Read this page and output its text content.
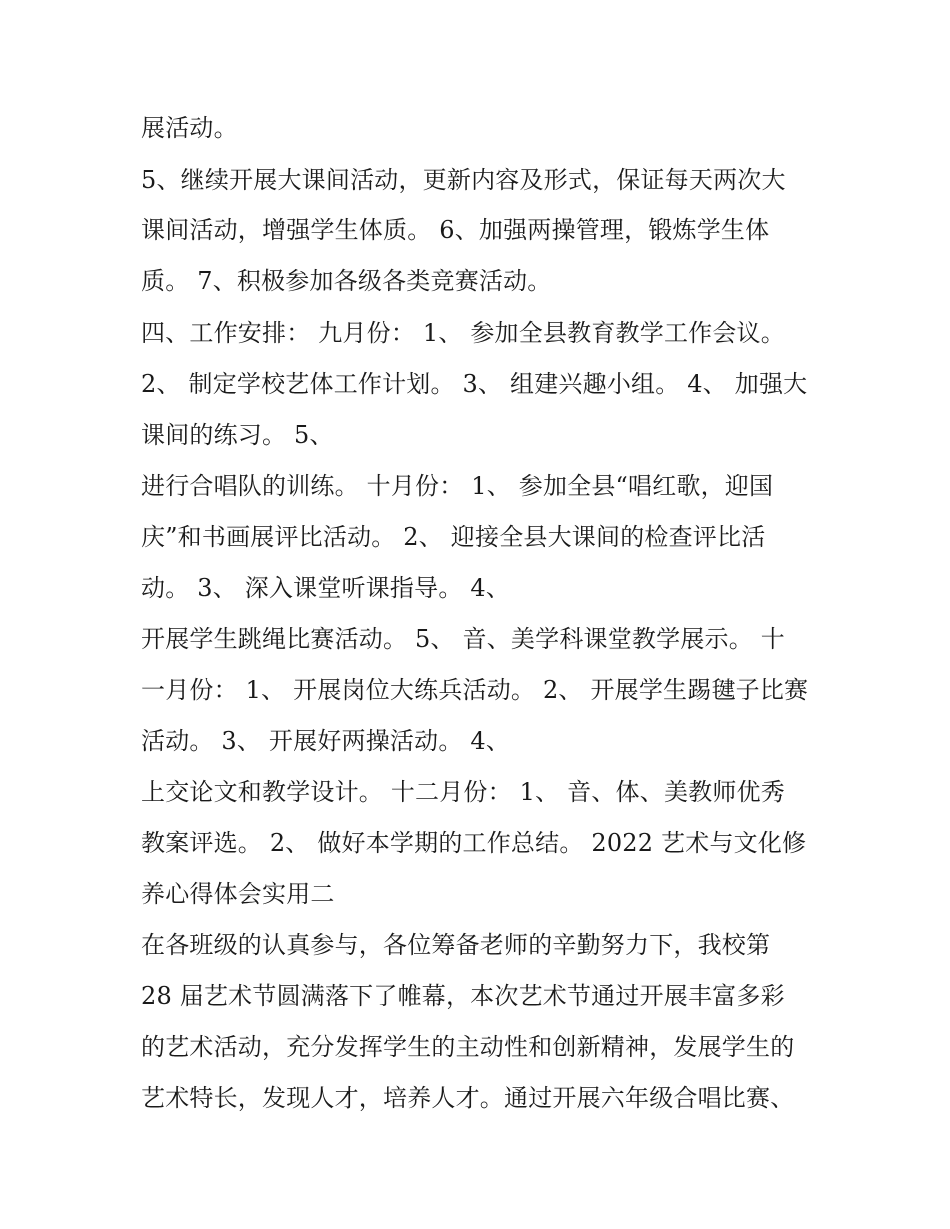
展活动。
5、继续开展大课间活动，更新内容及形式，保证每天两次大
课间活动，增强学生体质。 6、加强两操管理，锻炼学生体
质。 7、积极参加各级各类竞赛活动。
四、工作安排： 九月份： 1、 参加全县教育教学工作会议。
2、 制定学校艺体工作计划。 3、 组建兴趣小组。 4、 加强大
课间的练习。 5、
进行合唱队的训练。 十月份： 1、 参加全县“唱红歌，迎国
庆”和书画展评比活动。 2、 迎接全县大课间的检查评比活
动。 3、 深入课堂听课指导。 4、
开展学生跳绳比赛活动。 5、 音、美学科课堂教学展示。 十
一月份： 1、 开展岗位大练兵活动。 2、 开展学生踢毽子比赛
活动。 3、 开展好两操活动。 4、
上交论文和教学设计。 十二月份： 1、 音、体、美教师优秀
教案评选。 2、 做好本学期的工作总结。 2022 艺术与文化修
养心得体会实用二
在各班级的认真参与，各位筹备老师的辛勤努力下，我校第
28 届艺术节圆满落下了帷幕，本次艺术节通过开展丰富多彩
的艺术活动，充分发挥学生的主动性和创新精神，发展学生的
艺术特长，发现人才，培养人才。通过开展六年级合唱比赛、
